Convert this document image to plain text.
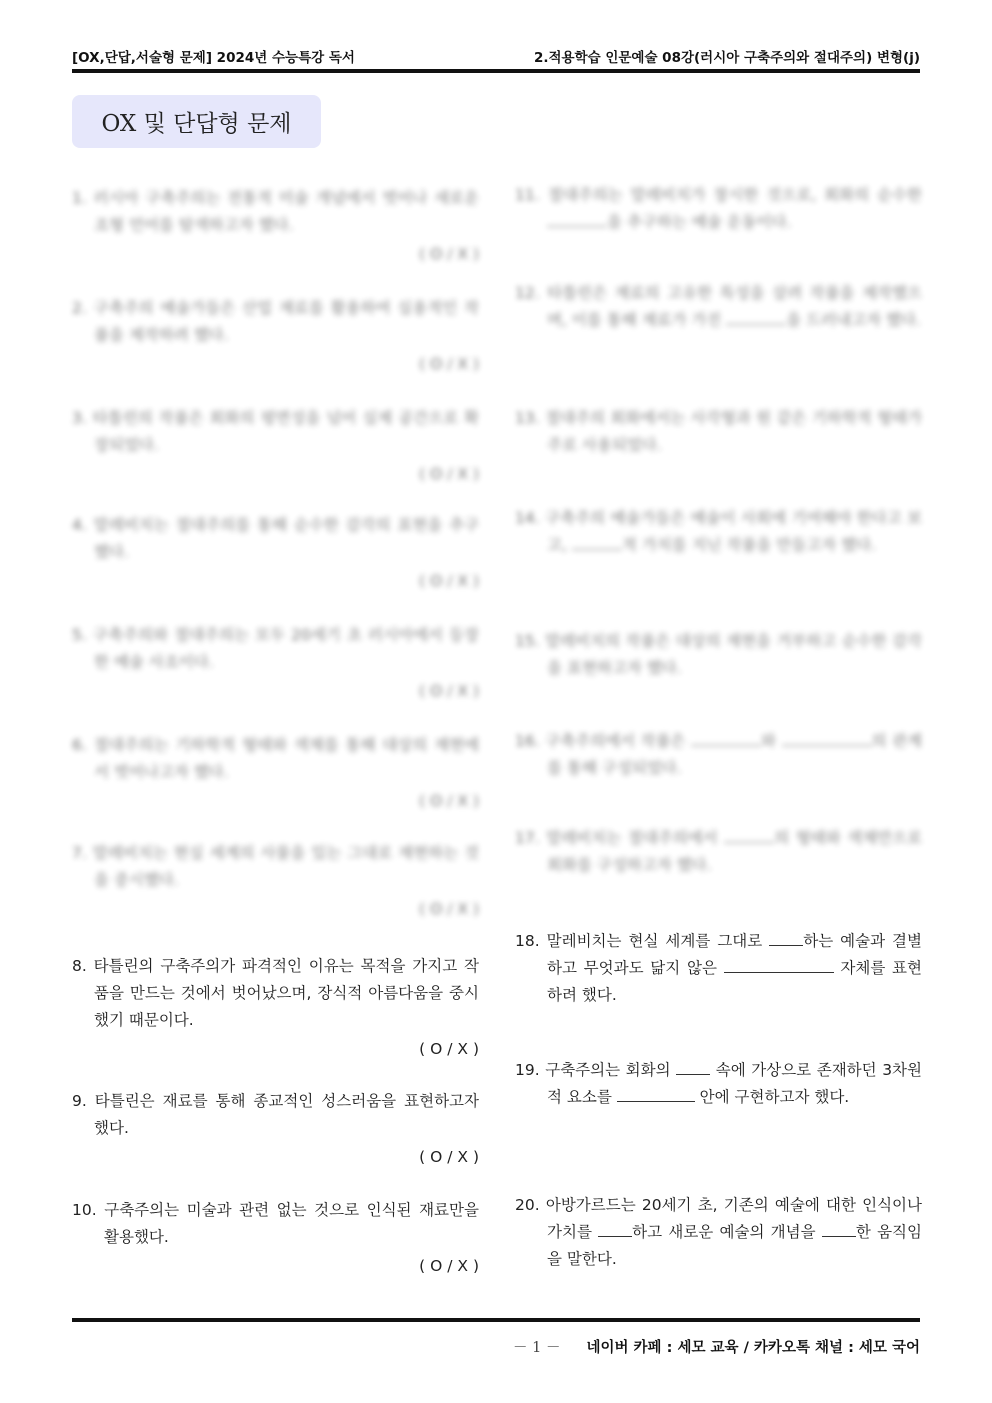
[OX,단답,서술형 문제] 2024년 수능특강 독서	2.적용학습 인문예술 08강(러시아 구축주의와 절대주의) 변형(j)
OX 및 단답형 문제
1. 러시아 구축주의는 전통적 미술 개념에서 벗어나 새로운 조형 언어를 탐색하고자 했다.
( O / X )
2. 구축주의 예술가들은 산업 재료를 활용하여 실용적인 작품을 제작하려 했다.
( O / X )
3. 타틀린의 작품은 회화의 평면성을 넘어 실제 공간으로 확장되었다.
( O / X )
4. 말레비치는 절대주의를 통해 순수한 감각의 표현을 추구했다.
( O / X )
5. 구축주의와 절대주의는 모두 20세기 초 러시아에서 등장한 예술 사조이다.
( O / X )
6. 절대주의는 기하학적 형태와 색채를 통해 대상의 재현에서 벗어나고자 했다.
( O / X )
7. 말레비치는 현실 세계의 사물을 있는 그대로 재현하는 것을 중시했다.
( O / X )
8. 타틀린의 구축주의가 파격적인 이유는 목적을 가지고 작품을 만드는 것에서 벗어났으며, 장식적 아름다움을 중시했기 때문이다.
( O / X )
9. 타틀린은 재료를 통해 종교적인 성스러움을 표현하고자 했다.
( O / X )
10. 구축주의는 미술과 관련 없는 것으로 인식된 재료만을 활용했다.
( O / X )
11. 절대주의는 말레비치가 창시한 것으로, 회화의 순수한 을 추구하는 예술 운동이다.
12. 타틀린은 재료의 고유한 특성을 살려 작품을 제작했으며, 이를 통해 재료가 가진	을 드러내고자 했다.
13. 절대주의 회화에서는 사각형과 원 같은 기하학적 형태가 주로 사용되었다.
14. 구축주의 예술가들은 예술이 사회에 기여해야 한다고 보고,	적 가치를 지닌 작품을 만들고자 했다.
15. 말레비치의 작품은 대상의 재현을 거부하고 순수한 감각을 표현하고자 했다.
16. 구축주의에서 작품은	와	의 관계를 통해 구성되었다.
17. 말레비치는 절대주의에서	의 형태와 색채만으로 회화를 구성하고자 했다.
18. 말레비치는 현실 세계를 그대로 하는 예술과 결별하고 무엇과도 닮지 않은	자체를 표현하려 했다.
19. 구축주의는 회화의  속에 가상으로 존재하던 3차원적 요소를	안에 구현하고자 했다.
20. 아방가르드는 20세기 초, 기존의 예술에 대한 인식이나 가치를 하고 새로운 예술의 개념을 한 움직임을 말한다.
－ 1 － 네이버 카페 : 세모 교육 / 카카오톡 채널 : 세모 국어
